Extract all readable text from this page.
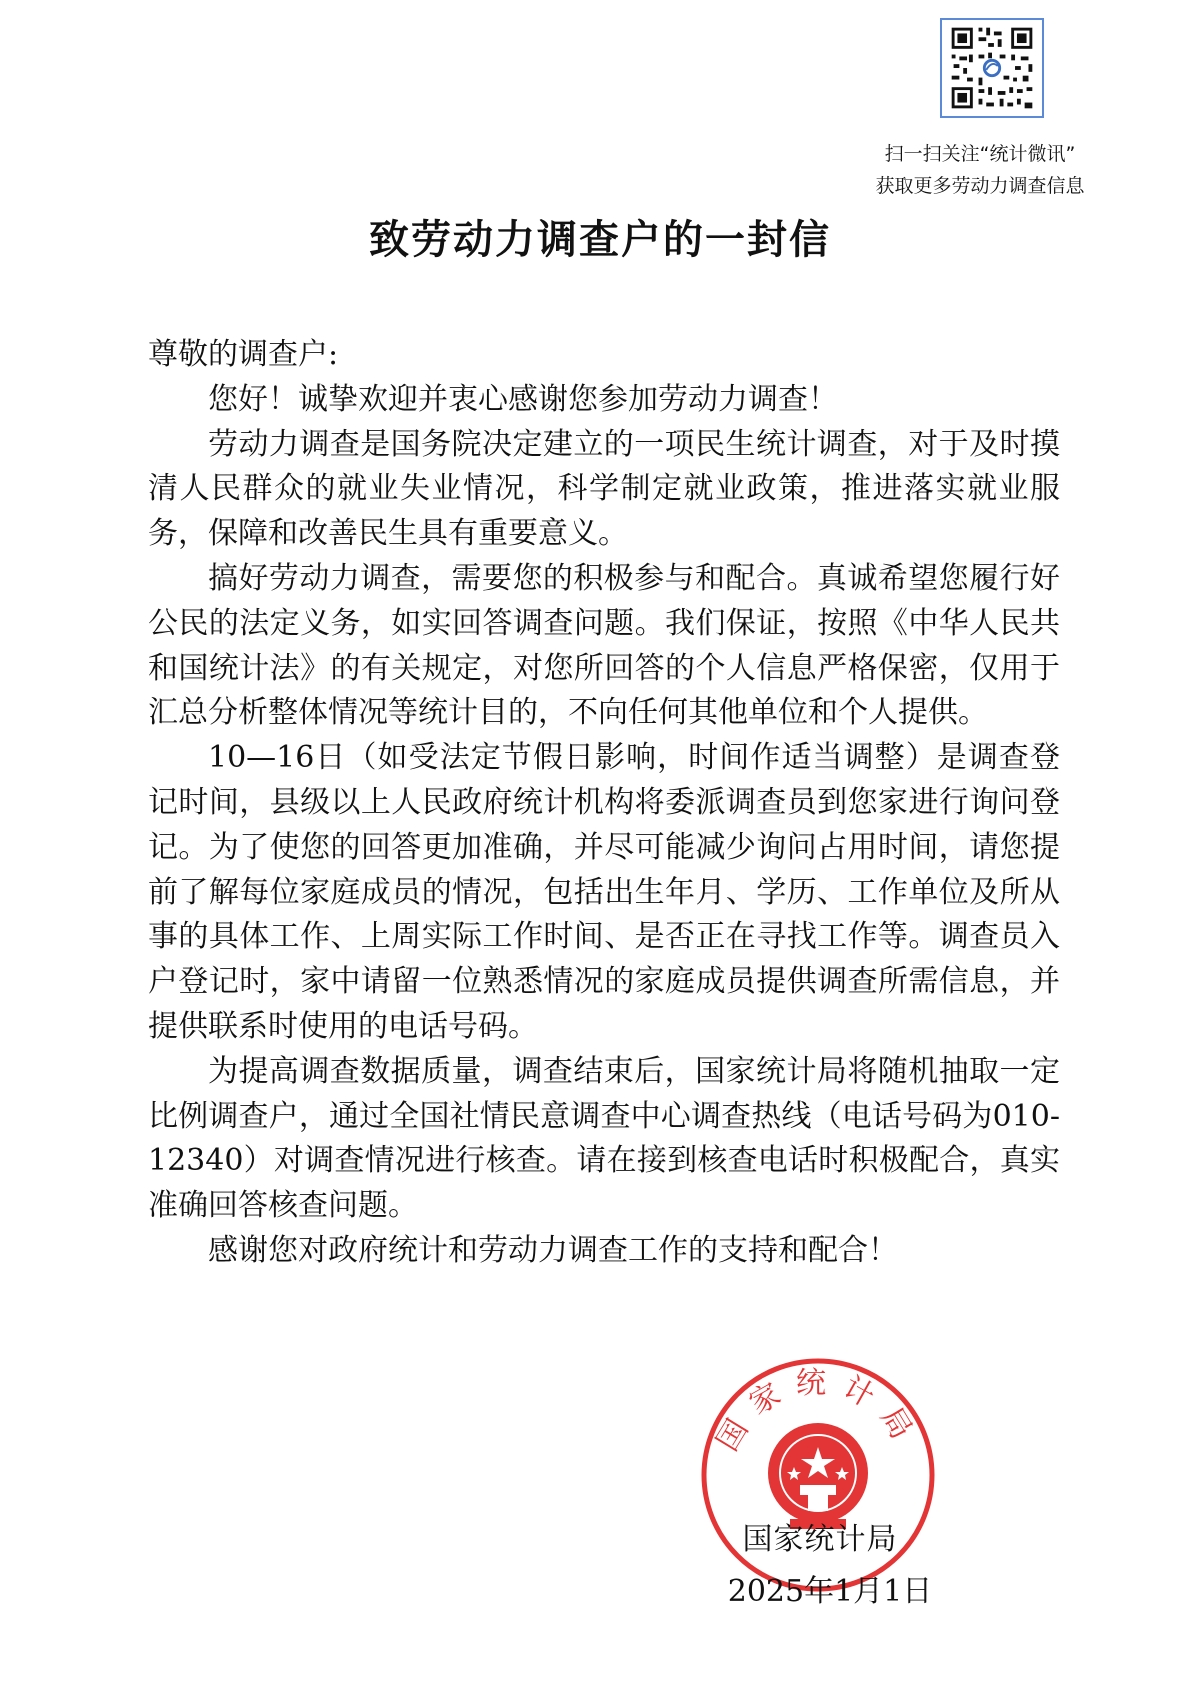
扫一扫关注“统计微讯”
获取更多劳动力调查信息
致劳动力调查户的一封信

尊敬的调查户:

您好！诚挚欢迎并衷心感谢您参加劳动力调查！

劳动力调查是国务院决定建立的一项民生统计调查，对于及时摸清人民群众的就业失业情况，科学制定就业政策，推进落实就业服务，保障和改善民生具有重要意义。

搞好劳动力调查，需要您的积极参与和配合。真诚希望您履行好公民的法定义务，如实回答调查问题。我们保证，按照《中华人民共和国统计法》的有关规定，对您所回答的个人信息严格保密，仅用于汇总分析整体情况等统计目的，不向任何其他单位和个人提供。

10—16日（如受法定节假日影响，时间作适当调整）是调查登记时间，县级以上人民政府统计机构将委派调查员到您家进行询问登记。为了使您的回答更加准确，并尽可能减少询问占用时间，请您提前了解每位家庭成员的情况，包括出生年月、学历、工作单位及所从事的具体工作、上周实际工作时间、是否正在寻找工作等。调查员入户登记时，家中请留一位熟悉情况的家庭成员提供调查所需信息，并提供联系时使用的电话号码。

为提高调查数据质量，调查结束后，国家统计局将随机抽取一定比例调查户，通过全国社情民意调查中心调查热线（电话号码为010-12340）对调查情况进行核查。请在接到核查电话时积极配合，真实准确回答核查问题。

感谢您对政府统计和劳动力调查工作的支持和配合！

国家统计局
国家统计局
2025年1月1日
